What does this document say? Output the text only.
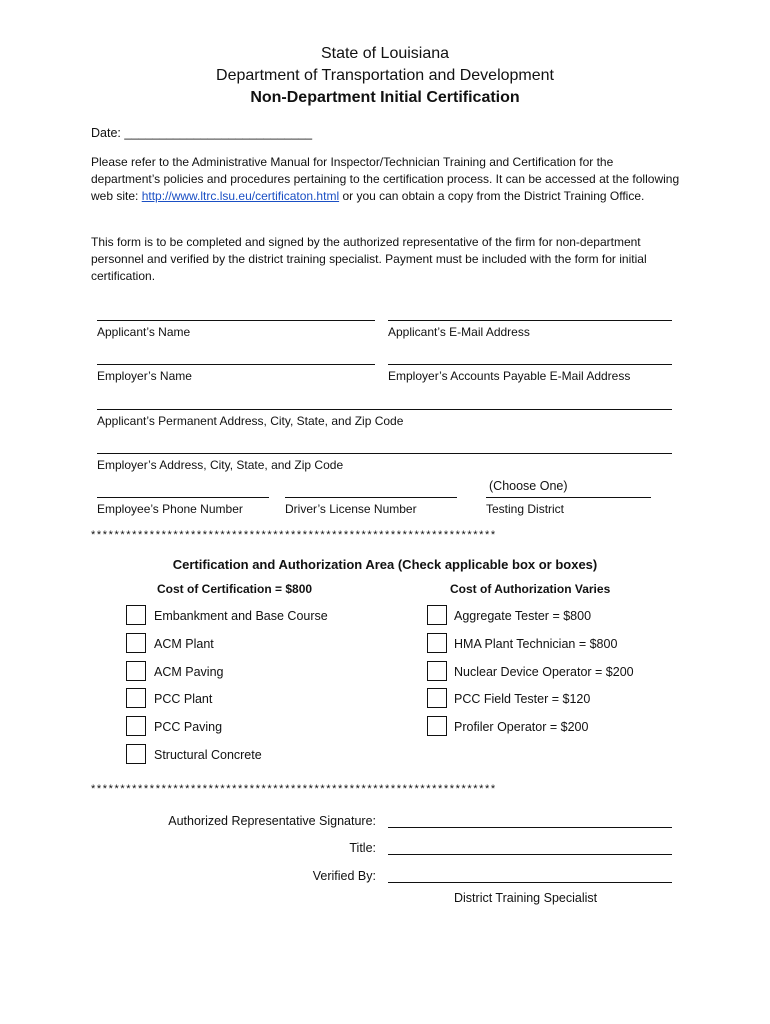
State of Louisiana
Department of Transportation and Development
Non-Department Initial Certification
Date: ___________________________
Please refer to the Administrative Manual for Inspector/Technician Training and Certification for the department’s policies and procedures pertaining to the certification process. It can be accessed at the following web site: http://www.ltrc.lsu.eu/certificaton.html or you can obtain a copy from the District Training Office.
This form is to be completed and signed by the authorized representative of the firm for non-department personnel and verified by the district training specialist. Payment must be included with the form for initial certification.
Applicant’s Name	Applicant’s E-Mail Address
Employer’s Name	Employer’s Accounts Payable E-Mail Address
Applicant’s Permanent Address, City, State, and Zip Code
Employer’s Address, City, State, and Zip Code
(Choose One)
Employee’s Phone Number	Driver’s License Number	Testing District
*********************************************************************
Certification and Authorization Area (Check applicable box or boxes)
Cost of Certification = $800	Cost of Authorization Varies
Embankment and Base Course
ACM Plant
ACM Paving
PCC Plant
PCC Paving
Structural Concrete
Aggregate Tester = $800
HMA Plant Technician = $800
Nuclear Device Operator = $200
PCC Field Tester = $120
Profiler Operator = $200
*********************************************************************
Authorized Representative Signature:
Title:
Verified By:
District Training Specialist
